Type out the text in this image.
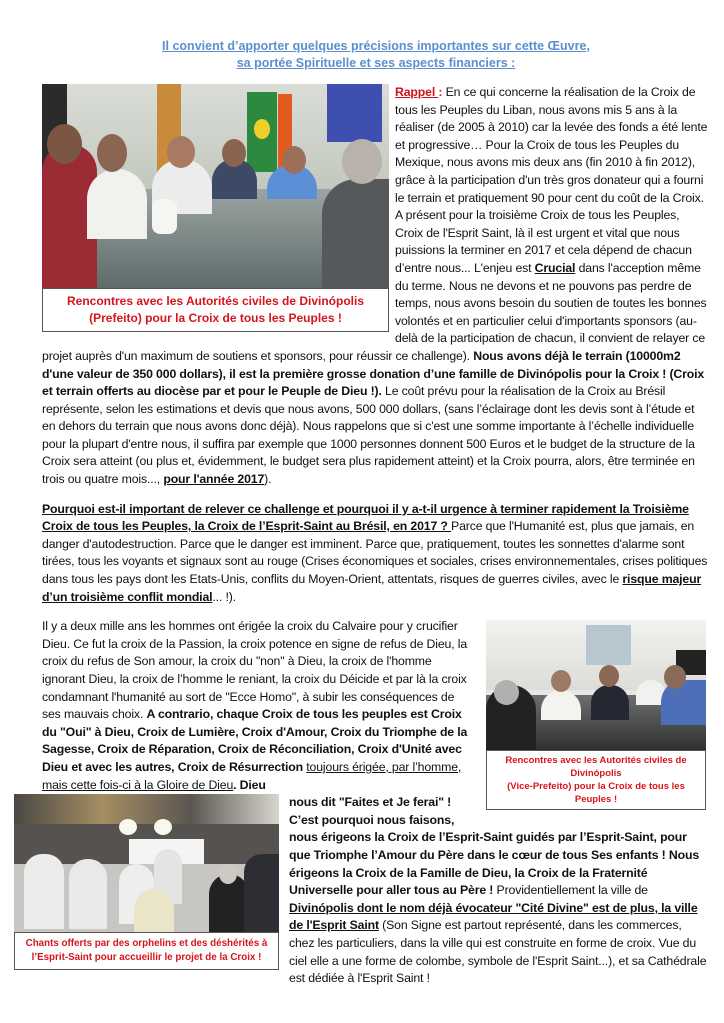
Il convient d’apporter quelques précisions importantes sur cette Œuvre,
sa portée Spirituelle et ses aspects financiers :
Rencontres avec les Autorités civiles de Divinópolis
(Prefeito) pour la Croix de tous les Peuples !

Rappel : En ce qui concerne la réalisation de la Croix de tous les Peuples du Liban, nous avons mis 5 ans à la réaliser (de 2005 à 2010) car la levée des fonds a été lente et progressive… Pour la Croix de tous les Peuples du Mexique, nous avons mis deux ans (fin 2010 à fin 2012), grâce à la participation d'un très gros donateur qui a fourni le terrain et pratiquement 90 pour cent du coût de la Croix. A présent pour la troisième Croix de tous les Peuples, Croix de l'Esprit Saint, là il est urgent et vital que nous puissions la terminer en 2017 et cela dépend de chacun d’entre nous... L'enjeu est Crucial dans l'acception même du terme. Nous ne devons et ne pouvons pas perdre de temps, nous avons besoin du soutien de toutes les bonnes volontés et en particulier celui d'importants sponsors (au-delà de la participation de chacun, il convient de relayer ce projet auprès d'un maximum de soutiens et sponsors, pour réussir ce challenge). Nous avons déjà le terrain (10000m2 d'une valeur de 350 000 dollars), il est la première grosse donation d’une famille de Divinópolis pour la Croix ! (Croix et terrain offerts au diocèse par et pour le Peuple de Dieu !). Le coût prévu pour la réalisation de la Croix au Brésil représente, selon les estimations et devis que nous avons, 500 000 dollars, (sans l’éclairage dont les devis sont à l’étude et en dehors du terrain que nous avons donc déjà). Nous rappelons que si c'est une somme importante à l’échelle individuelle pour la plupart d'entre nous, il suffira par exemple que 1000 personnes donnent 500 Euros et le budget de la structure de la Croix sera atteint (ou plus et, évidemment, le budget sera plus rapidement atteint) et la Croix pourra, alors, être terminée en trois ou quatre mois..., pour l'année 2017).

Pourquoi est-il important de relever ce challenge et pourquoi il y a-t-il urgence à terminer rapidement la Troisième Croix de tous les Peuples, la Croix de l’Esprit-Saint au Brésil, en 2017 ? Parce que l'Humanité est, plus que jamais, en danger d'autodestruction. Parce que le danger est imminent. Parce que, pratiquement, toutes les sonnettes d'alarme sont tirées, tous les voyants et signaux sont au rouge (Crises économiques et sociales, crises environnementales, crises politiques dans tous les pays dont les Etats-Unis, conflits du Moyen-Orient, attentats, risques de guerres civiles, avec le risque majeur d’un troisième conflit mondial... !).

Rencontres avec les Autorités civiles de Divinópolis
(Vice-Prefeito) pour la Croix de tous les Peuples !

Il y a deux mille ans les hommes ont érigée la croix du Calvaire pour y crucifier Dieu. Ce fut la croix de la Passion, la croix potence en signe de refus de Dieu, la croix du refus de Son amour, la croix du "non" à Dieu, la croix de l'homme ignorant Dieu, la croix de l’homme le reniant, la croix du Déicide et par là la croix condamnant l'humanité au sort de "Ecce Homo", à subir les conséquences de ses mauvais choix. A contrario, chaque Croix de tous les peuples est Croix du "Oui" à Dieu, Croix de Lumière, Croix d'Amour, Croix du Triomphe de la Sagesse, Croix de Réparation, Croix de Réconciliation, Croix d'Unité avec Dieu et avec les autres, Croix de Résurrection toujours érigée, par l’homme, mais cette fois-ci à la Gloire de Dieu. Dieu

Chants offerts par des orphelins et des déshérités à
l’Esprit-Saint pour accueillir le projet de la Croix !

nous dit "Faites et Je ferai" ! C’est pourquoi nous faisons, nous érigeons la Croix de l’Esprit-Saint guidés par l’Esprit-Saint, pour que Triomphe l’Amour du Père dans le cœur de tous Ses enfants ! Nous érigeons la Croix de la Famille de Dieu, la Croix de la Fraternité Universelle pour aller tous au Père ! Providentiellement la ville de Divinópolis dont le nom déjà évocateur "Cité Divine" est de plus, la ville de l'Esprit Saint (Son Signe est partout représenté, dans les commerces, chez les particuliers, dans la ville qui est construite en forme de croix. Vue du ciel elle a une forme de colombe, symbole de l'Esprit Saint...), et sa Cathédrale est dédiée à l'Esprit Saint !
